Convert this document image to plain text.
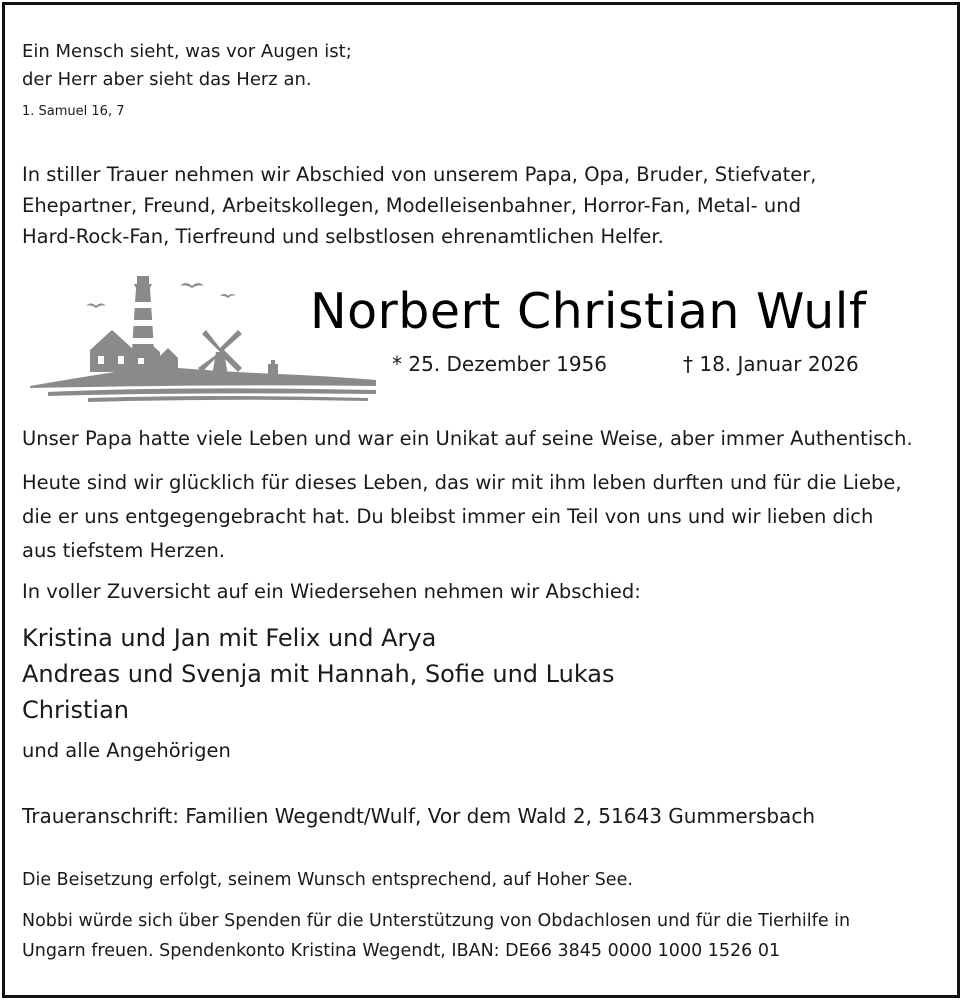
Ein Mensch sieht, was vor Augen ist;
der Herr aber sieht das Herz an.
1. Samuel 16, 7
In stiller Trauer nehmen wir Abschied von unserem Papa, Opa, Bruder, Stiefvater,
Ehepartner, Freund, Arbeitskollegen, Modelleisenbahner, Horror-Fan, Metal- und
Hard-Rock-Fan, Tierfreund und selbstlosen ehrenamtlichen Helfer.
Norbert Christian Wulf
* 25. Dezember 1956	† 18. Januar 2026
Unser Papa hatte viele Leben und war ein Unikat auf seine Weise, aber immer Authentisch.
Heute sind wir glücklich für dieses Leben, das wir mit ihm leben durften und für die Liebe,
die er uns entgegengebracht hat. Du bleibst immer ein Teil von uns und wir lieben dich
aus tiefstem Herzen.
In voller Zuversicht auf ein Wiedersehen nehmen wir Abschied:
Kristina und Jan mit Felix und Arya
Andreas und Svenja mit Hannah, Sofie und Lukas
Christian
und alle Angehörigen
Traueranschrift: Familien Wegendt/Wulf, Vor dem Wald 2, 51643 Gummersbach
Die Beisetzung erfolgt, seinem Wunsch entsprechend, auf Hoher See.
Nobbi würde sich über Spenden für die Unterstützung von Obdachlosen und für die Tierhilfe in
Ungarn freuen. Spendenkonto Kristina Wegendt, IBAN: DE66 3845 0000 1000 1526 01
